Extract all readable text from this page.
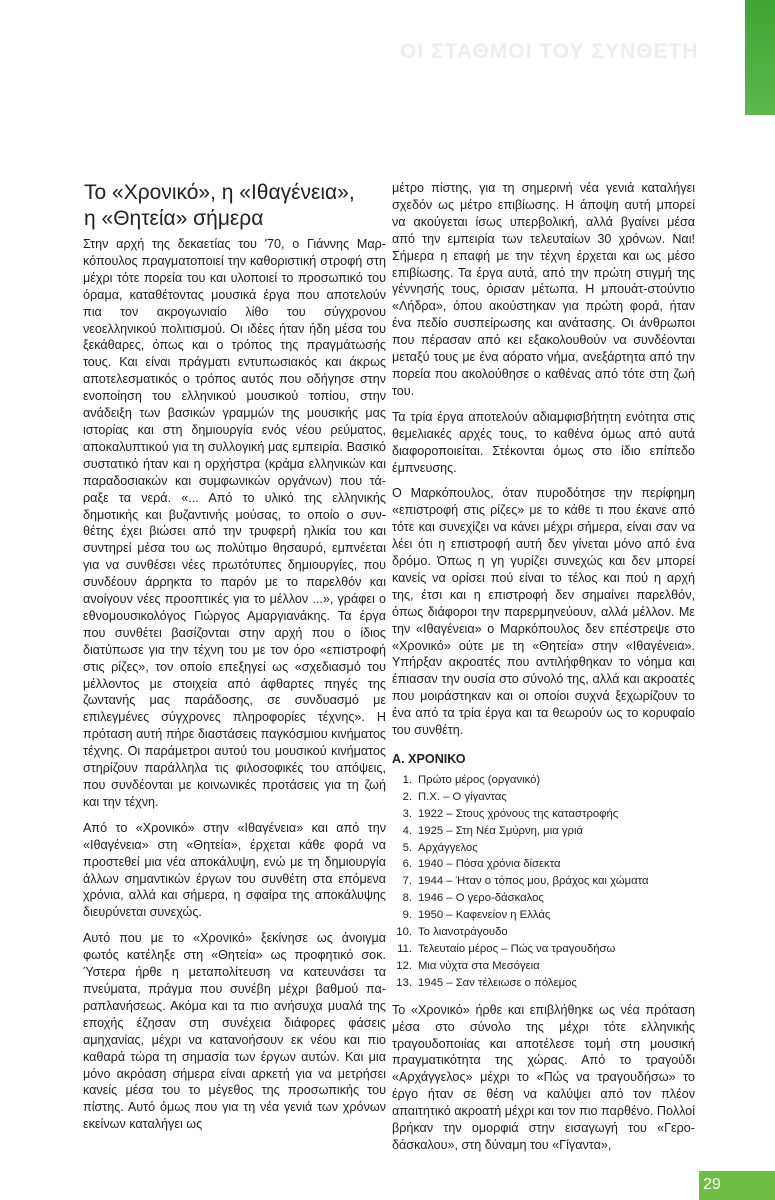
ΟΙ ΣΤΑΘΜΟΙ ΤΟΥ ΣΥΝΘΕΤΗ
Το «Χρονικό», η «Ιθαγένεια»,
η «Θητεία» σήμερα

Στην αρχή της δεκαετίας του '70, ο Γιάννης Μαρκόπουλος πραγματοποιεί την καθοριστική στροφή στη μέχρι τότε πορεία του και υλοποιεί το προσωπικό του όραμα, καταθέτοντας μουσικά έργα που αποτελούν πια τον ακρογωνιαίο λίθο του σύγχρονου νεοελληνικού πολιτισμού. Οι ιδέες ήταν ήδη μέσα του ξεκάθαρες, όπως και ο τρόπος της πραγμάτωσής τους. Και είναι πράγματι εντυπωσιακός και άκρως αποτελεσματικός ο τρόπος αυτός που οδήγησε στην ενοποίηση του ελληνικού μουσικού τοπίου, στην ανάδειξη των βασικών γραμμών της μουσικής μας ιστορίας και στη δημιουργία ενός νέου ρεύματος, αποκαλυπτικού για τη συλλογική μας εμπειρία. Βασικό συστατικό ήταν και η ορχήστρα (κράμα ελληνικών και παραδοσιακών και συμφωνικών οργάνων) που τάραξε τα νερά. «... Από το υλικό της ελληνικής δημοτικής και βυζαντινής μούσας, το οποίο ο συνθέτης έχει βιώσει από την τρυφερή ηλικία του και συντηρεί μέσα του ως πολύτιμο θησαυρό, εμπνέεται για να συνθέσει νέες πρωτότυπες δημιουργίες, που συνδέουν άρρηκτα το παρόν με το παρελθόν και ανοίγουν νέες προοπτικές για το μέλλον ...», γράφει ο εθνομουσικολόγος Γιώργος Αμαργιανάκης. Τα έργα που συνθέτει βασίζονται στην αρχή που ο ίδιος διατύπωσε για την τέχνη του με τον όρο «επιστροφή στις ρίζες», τον οποίο επεξηγεί ως «σχεδιασμό του μέλλοντος με στοιχεία από άφθαρτες πηγές της ζωντανής μας παράδοσης, σε συνδυασμό με επιλεγμένες σύγχρονες πληροφορίες τέχνης». Η πρόταση αυτή πήρε διαστάσεις παγκόσμιου κινήματος τέχνης. Οι παράμετροι αυτού του μουσικού κινήματος στηρίζουν παράλληλα τις φιλοσοφικές του απόψεις, που συνδέονται με κοινωνικές προτάσεις για τη ζωή και την τέχνη.

Από το «Χρονικό» στην «Ιθαγένεια» και από την «Ιθαγένεια» στη «Θητεία», έρχεται κάθε φορά να προστεθεί μια νέα αποκάλυψη, ενώ με τη δημιουργία άλλων σημαντικών έργων του συνθέτη στα επόμενα χρόνια, αλλά και σήμερα, η σφαίρα της αποκάλυψης διευρύνεται συνεχώς.

Αυτό που με το «Χρονικό» ξεκίνησε ως άνοιγμα φωτός κατέληξε στη «Θητεία» ως προφητικό σοκ. Ύστερα ήρθε η μεταπολίτευση να κατευνάσει τα πνεύματα, πράγμα που συνέβη μέχρι βαθμού παραπλανήσεως. Ακόμα και τα πιο ανήσυχα μυαλά της εποχής έζησαν στη συνέχεια διάφορες φάσεις αμηχανίας, μέχρι να κατανοήσουν εκ νέου και πιο καθαρά τώρα τη σημασία των έργων αυτών. Και μια μόνο ακρόαση σήμερα είναι αρκετή για να μετρήσει κανείς μέσα του το μέγεθος της προσωπικής του πίστης. Αυτό όμως που για τη νέα γενιά των χρόνων εκείνων καταλήγει ως

μέτρο πίστης, για τη σημερινή νέα γενιά καταλήγει σχεδόν ως μέτρο επιβίωσης. Η άποψη αυτή μπορεί να ακούγεται ίσως υπερβολική, αλλά βγαίνει μέσα από την εμπειρία των τελευταίων 30 χρόνων. Ναι! Σήμερα η επαφή με την τέχνη έρχεται και ως μέσο επιβίωσης. Τα έργα αυτά, από την πρώτη στιγμή της γέννησής τους, όρισαν μέτωπα. Η μπουάτ-στούντιο «Λήδρα», όπου ακούστηκαν για πρώτη φορά, ήταν ένα πεδίο συσπείρωσης και ανάτασης. Οι άνθρωποι που πέρασαν από κει εξακολουθούν να συνδέονται μεταξύ τους με ένα αόρατο νήμα, ανεξάρτητα από την πορεία που ακολούθησε ο καθένας από τότε στη ζωή του.

Τα τρία έργα αποτελούν αδιαμφισβήτητη ενότητα στις θεμελιακές αρχές τους, το καθένα όμως από αυτά διαφοροποιείται. Στέκονται όμως στο ίδιο επίπεδο έμπνευσης.

Ο Μαρκόπουλος, όταν πυροδότησε την περίφημη «επιστροφή στις ρίζες» με το κάθε τι που έκανε από τότε και συνεχίζει να κάνει μέχρι σήμερα, είναι σαν να λέει ότι η επιστροφή αυτή δεν γίνεται μόνο από ένα δρόμο. Όπως η γη γυρίζει συνεχώς και δεν μπορεί κανείς να ορίσει πού είναι το τέλος και πού η αρχή της, έτσι και η επιστροφή δεν σημαίνει παρελθόν, όπως διάφοροι την παρερμηνεύουν, αλλά μέλλον. Με την «Ιθαγένεια» ο Μαρκόπουλος δεν επέστρεψε στο «Χρονικό» ούτε με τη «Θητεία» στην «Ιθαγένεια». Υπήρξαν ακροατές που αντιλήφθηκαν το νόημα και έπιασαν την ουσία στο σύνολό της, αλλά και ακροατές που μοιράστηκαν και οι οποίοι συχνά ξεχωρίζουν το ένα από τα τρία έργα και τα θεωρούν ως το κορυφαίο του συνθέτη.

Α. ΧΡΟΝΙΚΟ
1. Πρώτο μέρος (οργανικό)
2. Π.Χ. – Ο γίγαντας
3. 1922 – Στους χρόνους της καταστροφής
4. 1925 – Στη Νέα Σμύρνη, μια γριά
5. Αρχάγγελος
6. 1940 – Πόσα χρόνια δίσεκτα
7. 1944 – Ήταν ο τόπος μου, βράχος και χώματα
8. 1946 – Ο γερο-δάσκαλος
9. 1950 – Καφενείον η Ελλάς
10. Το λιανοτράγουδο
11. Τελευταίο μέρος – Πώς να τραγουδήσω
12. Μια νύχτα στα Μεσόγεια
13. 1945 – Σαν τέλειωσε ο πόλεμος

Το «Χρονικό» ήρθε και επιβλήθηκε ως νέα πρόταση μέσα στο σύνολο της μέχρι τότε ελληνικής τραγουδοποιίας και αποτέλεσε τομή στη μουσική πραγματικότητα της χώρας. Από το τραγούδι «Αρχάγγελος» μέχρι το «Πώς να τραγουδήσω» το έργο ήταν σε θέση να καλύψει από τον πλέον απαιτητικό ακροατή μέχρι και τον πιο παρθένο. Πολλοί βρήκαν την ομορφιά στην εισαγωγή του «Γερο-δάσκαλου», στη δύναμη του «Γίγαντα»,

29
